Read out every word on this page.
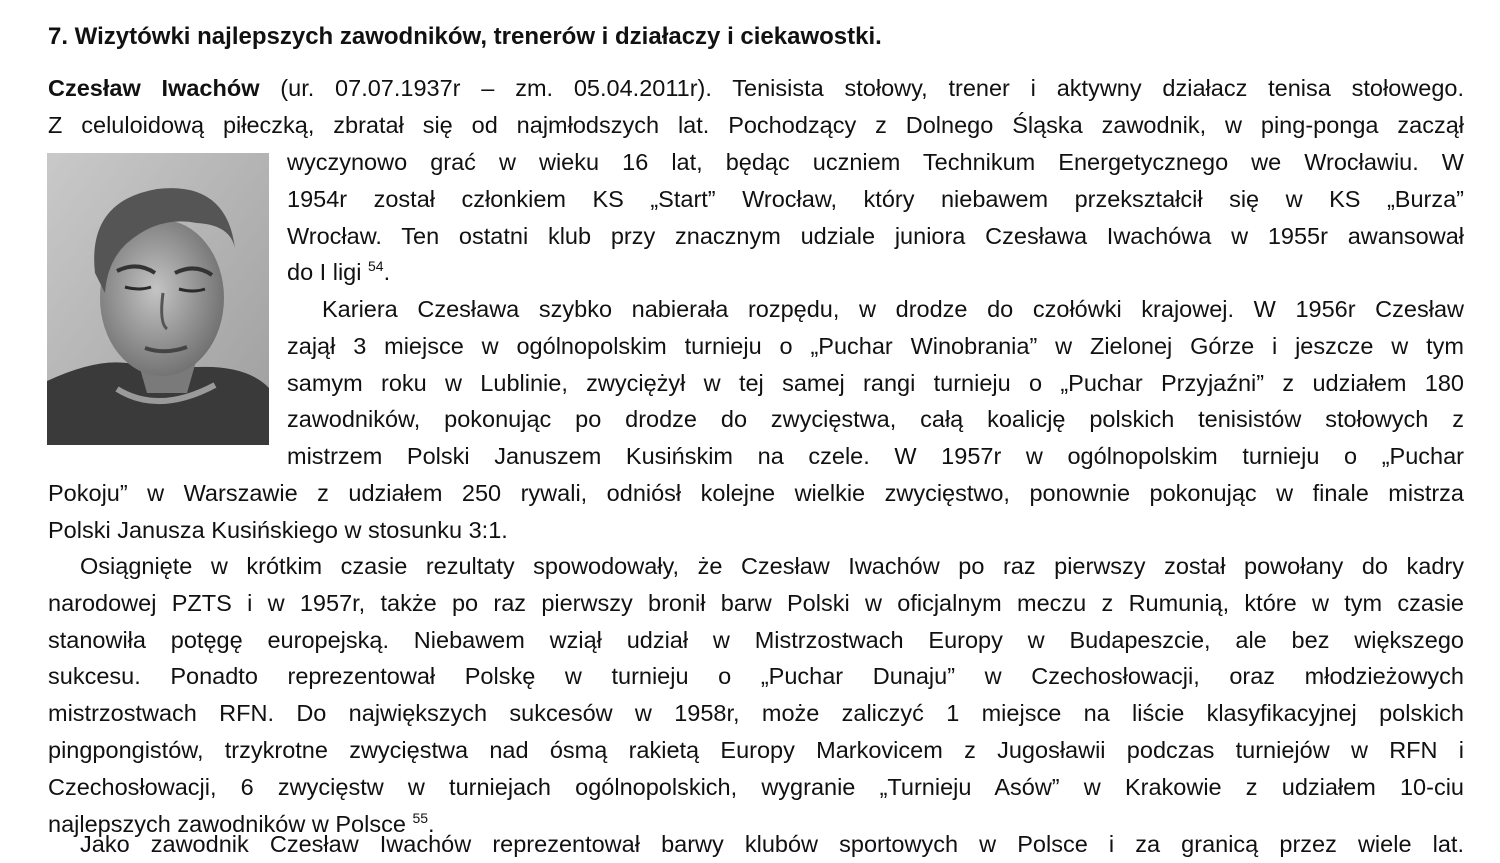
7. Wizytówki najlepszych zawodników, trenerów i działaczy i ciekawostki.
Czesław Iwachów (ur. 07.07.1937r – zm. 05.04.2011r). Tenisista stołowy, trener i aktywny działacz tenisa stołowego.
Z celuloidową piłeczką, zbratał się od najmłodszych lat. Pochodzący z Dolnego Śląska zawodnik, w ping-ponga zaczął
wyczynowo grać w wieku 16 lat, będąc uczniem Technikum Energetycznego we Wrocławiu. W
1954r został członkiem KS „Start” Wrocław, który niebawem przekształcił się w KS „Burza”
Wrocław. Ten ostatni klub przy znacznym udziale juniora Czesława Iwachówa w 1955r awansował
do I ligi $^{54}$.
Kariera Czesława szybko nabierała rozpędu, w drodze do czołówki krajowej. W 1956r Czesław
zajął 3 miejsce w ogólnopolskim turnieju o „Puchar Winobrania” w Zielonej Górze i jeszcze w tym
samym roku w Lublinie, zwyciężył w tej samej rangi turnieju o „Puchar Przyjaźni” z udziałem 180
zawodników, pokonując po drodze do zwycięstwa, całą koalicję polskich tenisistów stołowych z
mistrzem Polski Januszem Kusińskim na czele. W 1957r w ogólnopolskim turnieju o „Puchar
Pokoju” w Warszawie z udziałem 250 rywali, odniósł kolejne wielkie zwycięstwo, ponownie pokonując w finale mistrza
Polski Janusza Kusińskiego w stosunku 3:1.
Osiągnięte w krótkim czasie rezultaty spowodowały, że Czesław Iwachów po raz pierwszy został powołany do kadry
narodowej PZTS i w 1957r, także po raz pierwszy bronił barw Polski w oficjalnym meczu z Rumunią, które w tym czasie
stanowiła potęgę europejską. Niebawem wziął udział w Mistrzostwach Europy w Budapeszcie, ale bez większego
sukcesu. Ponadto reprezentował Polskę w turnieju o „Puchar Dunaju” w Czechosłowacji, oraz młodzieżowych
mistrzostwach RFN. Do największych sukcesów w 1958r, może zaliczyć 1 miejsce na liście klasyfikacyjnej polskich
pingpongistów, trzykrotne zwycięstwa nad ósmą rakietą Europy Markovicem z Jugosławii podczas turniejów w RFN i
Czechosłowacji, 6 zwycięstw w turniejach ogólnopolskich, wygranie „Turnieju Asów” w Krakowie z udziałem 10-ciu
najlepszych zawodników w Polsce $^{55}$.
Jako zawodnik Czesław Iwachów reprezentował barwy klubów sportowych w Polsce i za granicą przez wiele lat.
